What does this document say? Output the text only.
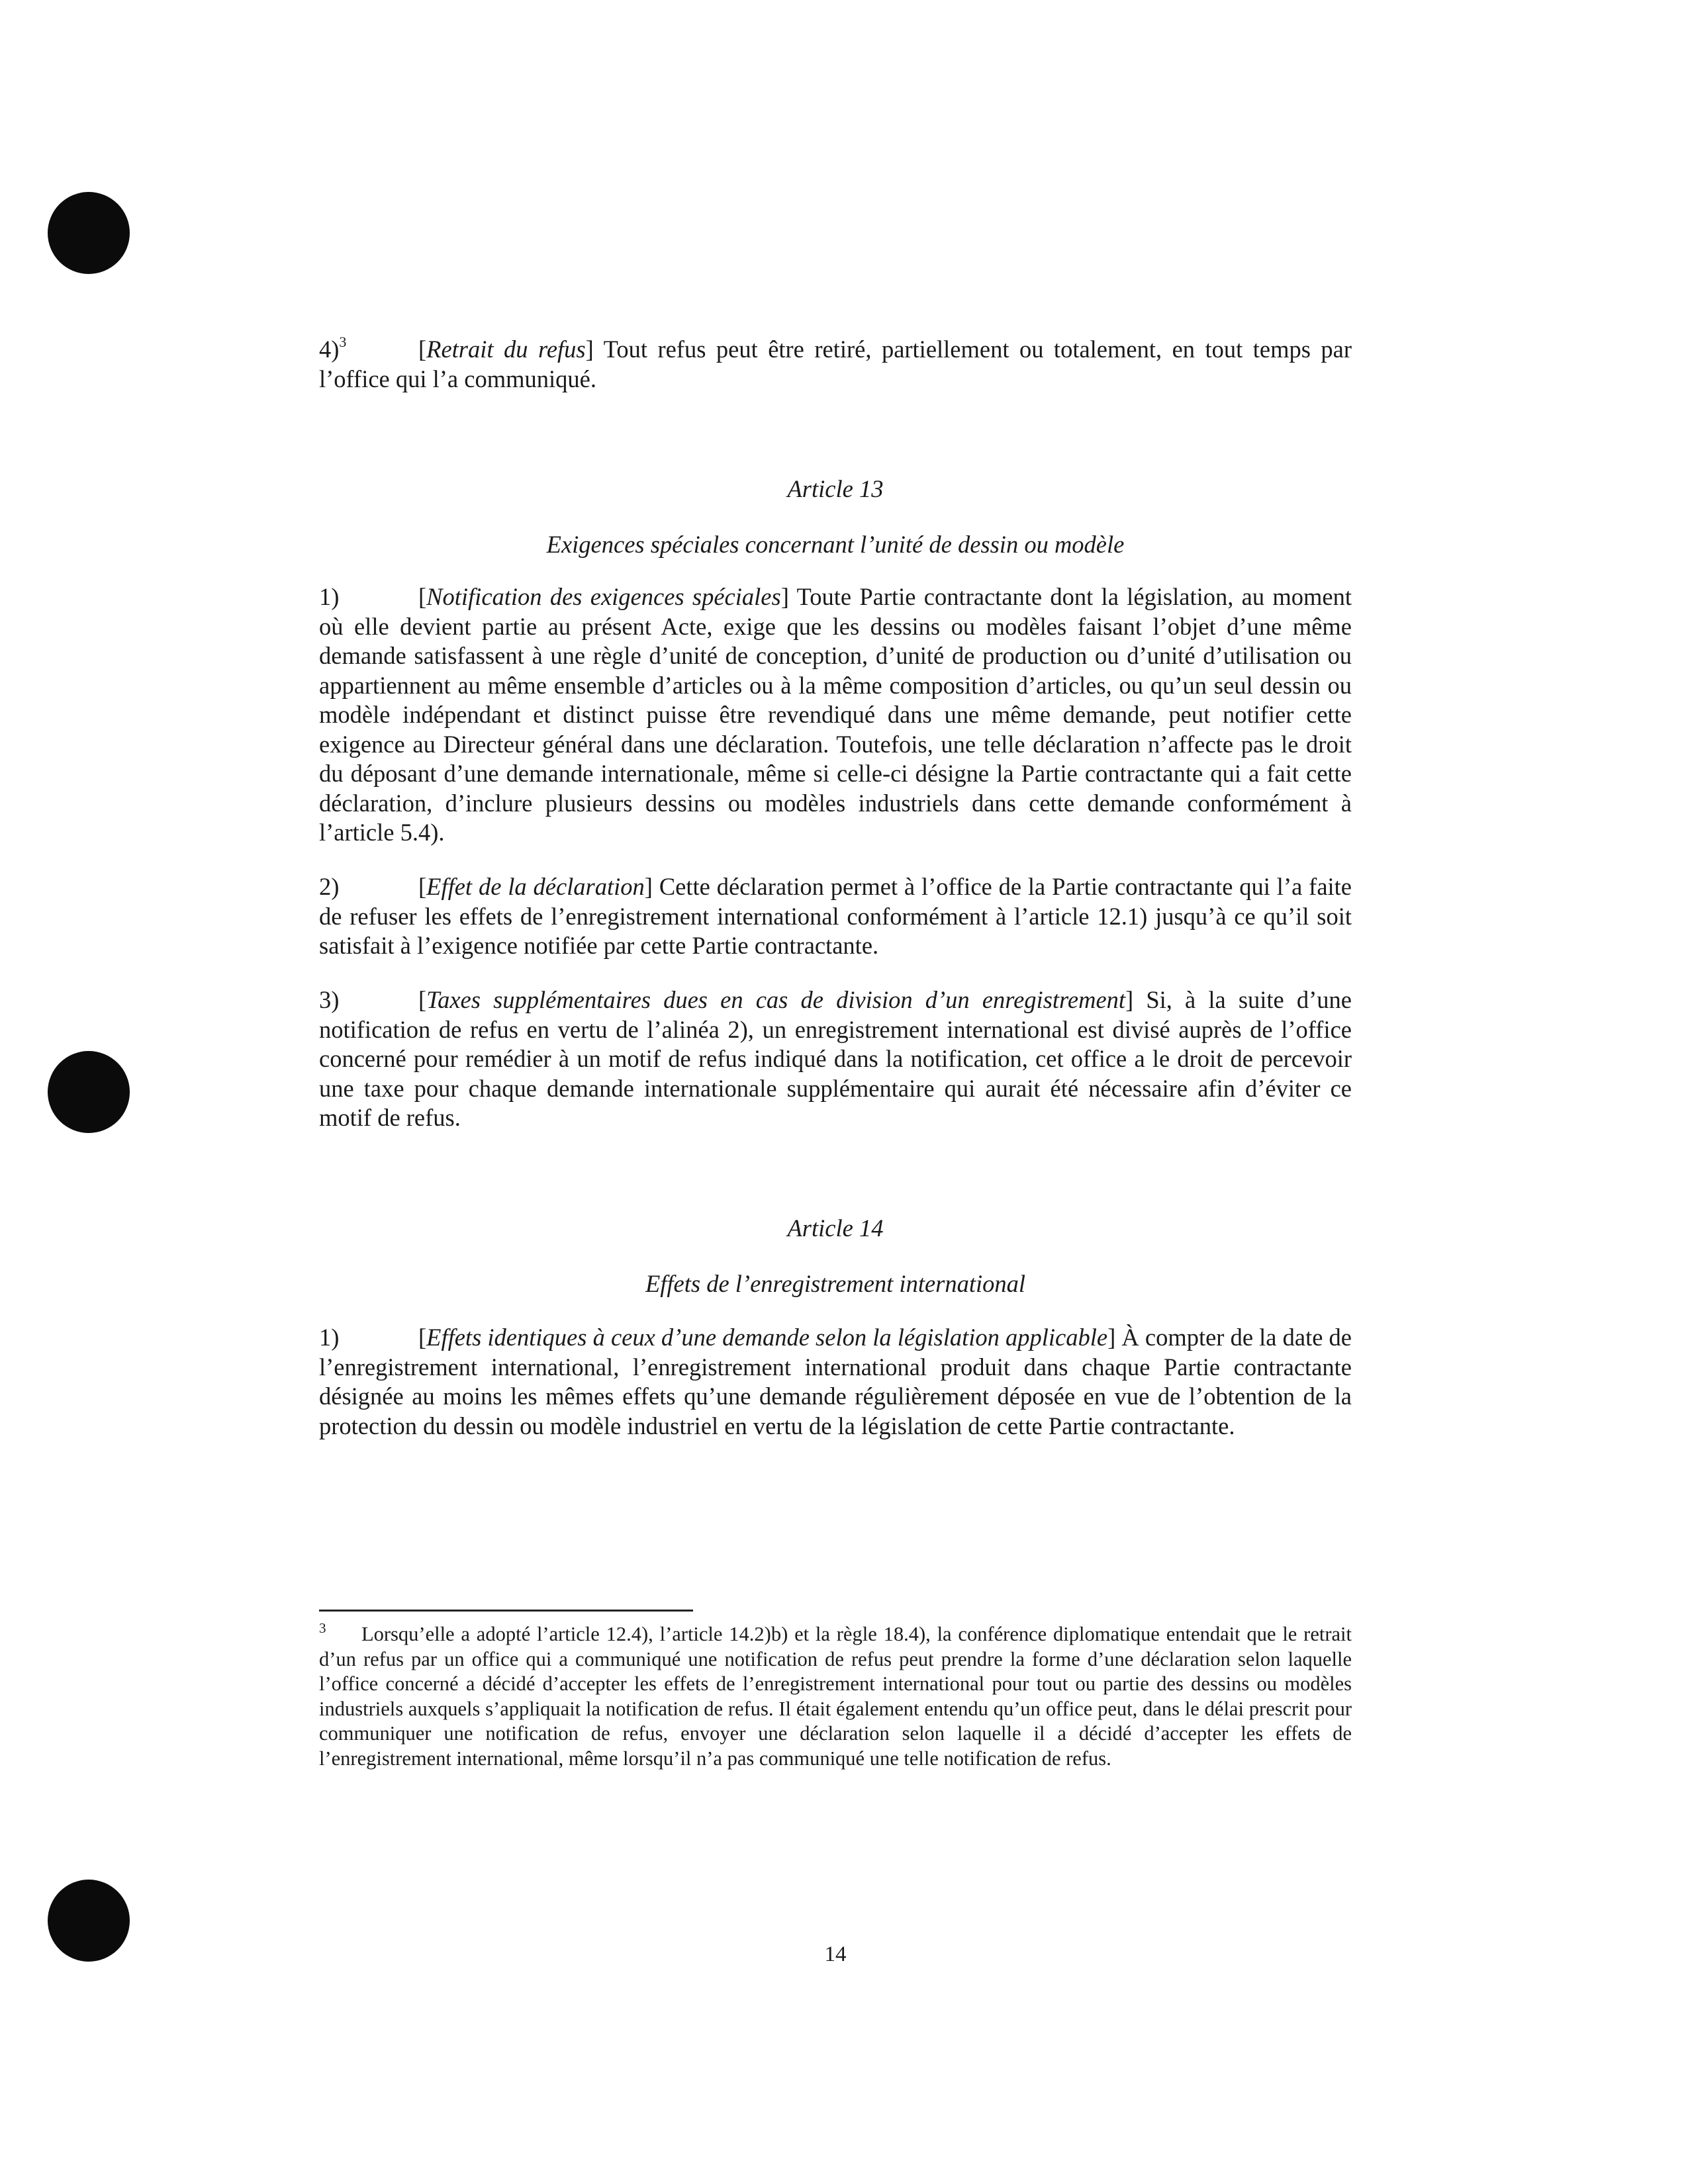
4)$^3$	[Retrait du refus] Tout refus peut être retiré, partiellement ou totalement, en tout temps par l’office qui l’a communiqué.

Article 13
Exigences spéciales concernant l’unité de dessin ou modèle

1)	[Notification des exigences spéciales] Toute Partie contractante dont la législation, au moment où elle devient partie au présent Acte, exige que les dessins ou modèles faisant l’objet d’une même demande satisfassent à une règle d’unité de conception, d’unité de production ou d’unité d’utilisation ou appartiennent au même ensemble d’articles ou à la même composition d’articles, ou qu’un seul dessin ou modèle indépendant et distinct puisse être revendiqué dans une même demande, peut notifier cette exigence au Directeur général dans une déclaration. Toutefois, une telle déclaration n’affecte pas le droit du déposant d’une demande internationale, même si celle-ci désigne la Partie contractante qui a fait cette déclaration, d’inclure plusieurs dessins ou modèles industriels dans cette demande conformément à l’article 5.4).

2)	[Effet de la déclaration] Cette déclaration permet à l’office de la Partie contractante qui l’a faite de refuser les effets de l’enregistrement international conformément à l’article 12.1) jusqu’à ce qu’il soit satisfait à l’exigence notifiée par cette Partie contractante.

3)	[Taxes supplémentaires dues en cas de division d’un enregistrement] Si, à la suite d’une notification de refus en vertu de l’alinéa 2), un enregistrement international est divisé auprès de l’office concerné pour remédier à un motif de refus indiqué dans la notification, cet office a le droit de percevoir une taxe pour chaque demande internationale supplémentaire qui aurait été nécessaire afin d’éviter ce motif de refus.

Article 14
Effets de l’enregistrement international

1)	[Effets identiques à ceux d’une demande selon la législation applicable] À compter de la date de l’enregistrement international, l’enregistrement international produit dans chaque Partie contractante désignée au moins les mêmes effets qu’une demande régulièrement déposée en vue de l’obtention de la protection du dessin ou modèle industriel en vertu de la législation de cette Partie contractante.

3 Lorsqu’elle a adopté l’article 12.4), l’article 14.2)b) et la règle 18.4), la conférence diplomatique entendait que le retrait d’un refus par un office qui a communiqué une notification de refus peut prendre la forme d’une déclaration selon laquelle l’office concerné a décidé d’accepter les effets de l’enregistrement international pour tout ou partie des dessins ou modèles industriels auxquels s’appliquait la notification de refus. Il était également entendu qu’un office peut, dans le délai prescrit pour communiquer une notification de refus, envoyer une déclaration selon laquelle il a décidé d’accepter les effets de l’enregistrement international, même lorsqu’il n’a pas communiqué une telle notification de refus.

14
